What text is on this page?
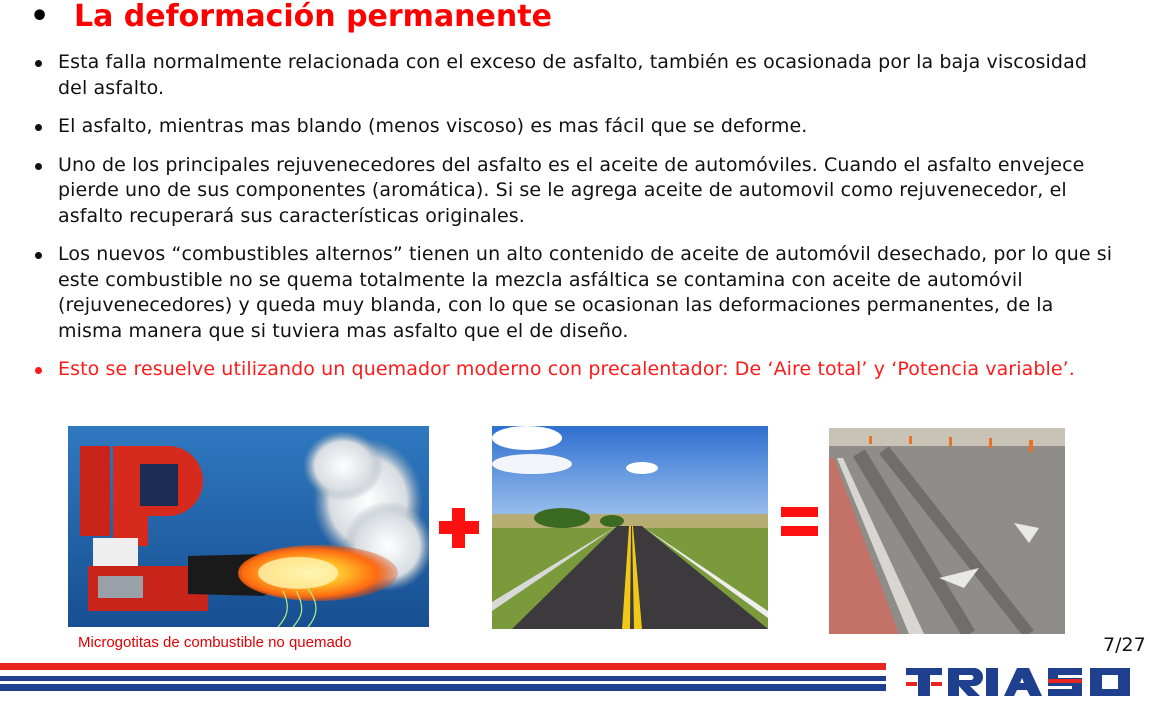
• La deformación permanente
Esta falla normalmente relacionada con el exceso de asfalto, también es ocasionada por la baja viscosidad del asfalto.
El asfalto, mientras mas blando (menos viscoso) es mas fácil que se deforme.
Uno de los principales rejuvenecedores del asfalto es el aceite de automóviles. Cuando el asfalto envejece pierde uno de sus componentes (aromática). Si se le agrega aceite de automovil como rejuvenecedor, el asfalto recuperará sus características originales.
Los nuevos “combustibles alternos” tienen un alto contenido de aceite de automóvil desechado, por lo que si este combustible no se quema totalmente la mezcla asfáltica se contamina con aceite de automóvil (rejuvenecedores) y queda muy blanda, con lo que se ocasionan las deformaciones permanentes, de la misma manera que si tuviera mas asfalto que el de diseño.
Esto se resuelve utilizando un quemador moderno con precalentador: De ‘Aire total’ y ‘Potencia variable’.
Microgotitas de combustible no quemado	7/27
